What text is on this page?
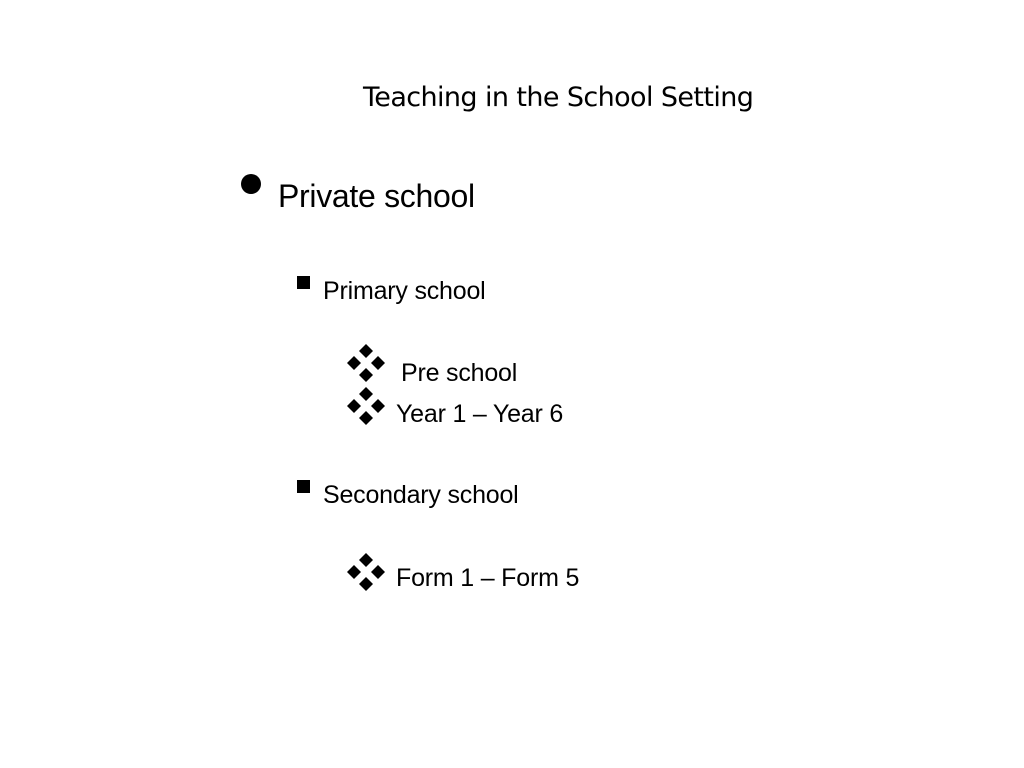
Teaching in the School Setting
Private school
Primary school
Pre school
Year 1 – Year 6
Secondary school
Form 1 – Form 5
